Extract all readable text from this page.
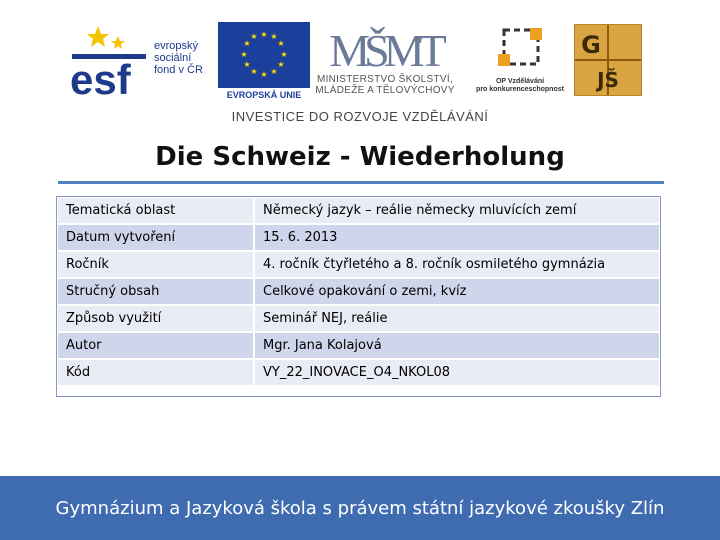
esf
evropský
sociální
fond v ČR
★ ★
★
★
★
★
★
★
★
★
★
★
EVROPSKÁ UNIE
MŠMT
MINISTERSTVO ŠKOLSTVÍ,
MLÁDEŽE A TĚLOVÝCHOVY
OP Vzdělávání
pro konkurenceschopnost
G
JŠ
INVESTICE DO ROZVOJE VZDĚLÁVÁNÍ
Die Schweiz - Wiederholung
Tematická oblast	Německý jazyk – reálie německy mluvících zemí
Datum vytvoření	15. 6. 2013
Ročník	4. ročník čtyřletého a 8. ročník osmiletého gymnázia
Stručný obsah	Celkové opakování o zemi, kvíz
Způsob využití	Seminář NEJ, reálie
Autor	Mgr. Jana Kolajová
Kód	VY_22_INOVACE_O4_NKOL08
Gymnázium a Jazyková škola s právem státní jazykové zkoušky Zlín
